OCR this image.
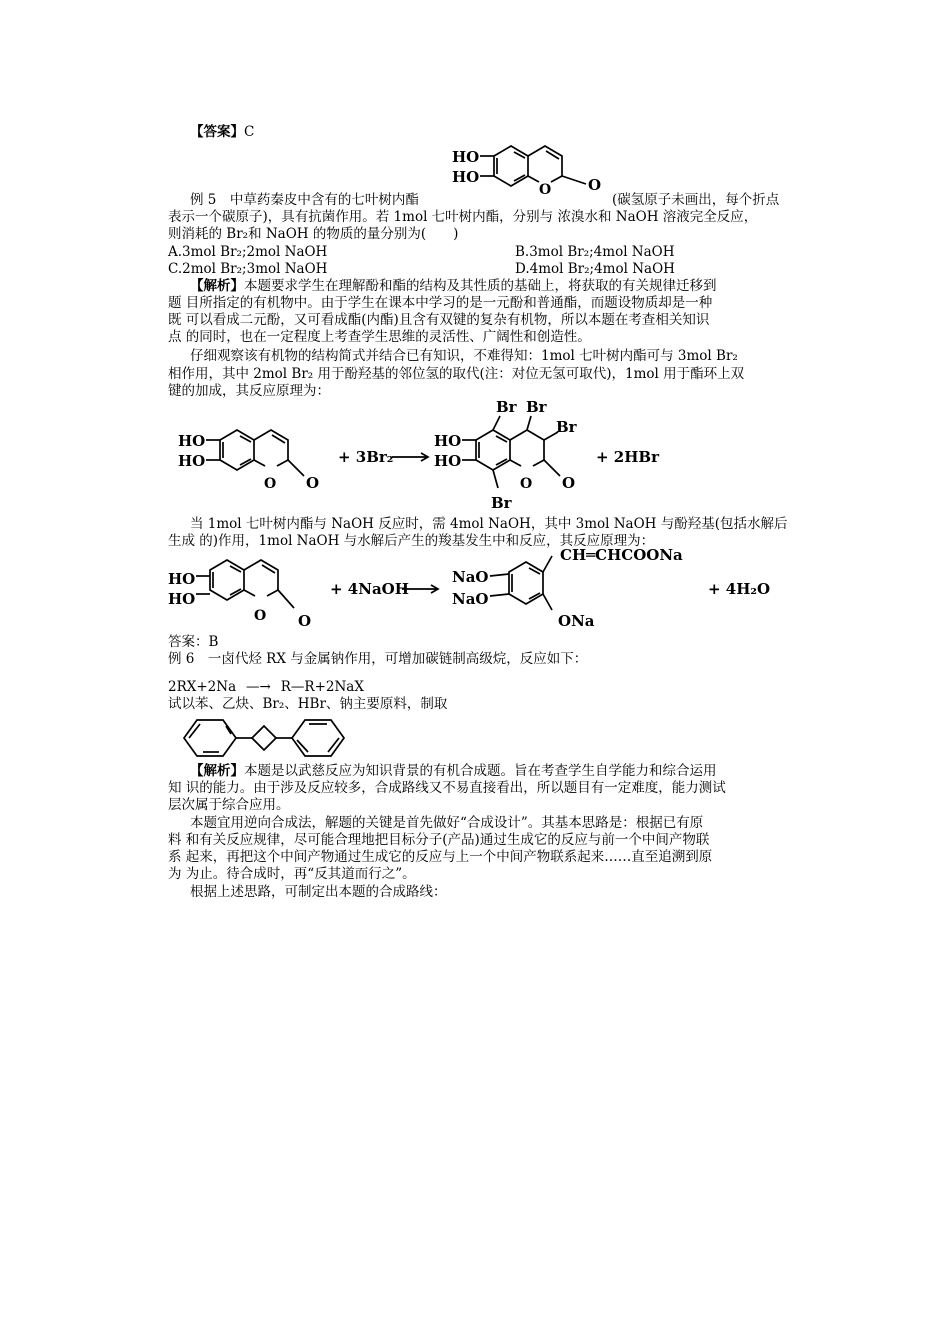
【答案】C
HO
HO
O O
例 5　中草药秦皮中含有的七叶树内酯	(碳氢原子未画出，每个折点
表示一个碳原子)，具有抗菌作用。若 1mol 七叶树内酯，分别与 浓溴水和 NaOH 溶液完全反应，
则消耗的 Br₂和 NaOH 的物质的量分别为(　　)
A.3mol Br₂;2mol NaOH	B.3mol Br₂;4mol NaOH
C.2mol Br₂;3mol NaOH	D.4mol Br₂;4mol NaOH
【解析】本题要求学生在理解酚和酯的结构及其性质的基础上，将获取的有关规律迁移到
题 目所指定的有机物中。由于学生在课本中学习的是一元酚和普通酯，而题设物质却是一种
既 可以看成二元酚，又可看成酯(内酯)且含有双键的复杂有机物，所以本题在考查相关知识
点 的同时，也在一定程度上考查学生思维的灵活性、广阔性和创造性。
仔细观察该有机物的结构简式并结合已有知识，不难得知：1mol 七叶树内酯可与 3mol Br₂
相作用，其中 2mol Br₂ 用于酚羟基的邻位氢的取代(注：对位无氢可取代)，1mol 用于酯环上双
键的加成，其反应原理为：
HO
HO
O O
+ 3Br₂
HO
HO
Br Br
Br
Br
O O
+ 2HBr
当 1mol 七叶树内酯与 NaOH 反应时，需 4mol NaOH，其中 3mol NaOH 与酚羟基(包括水解后
生成 的)作用，1mol NaOH 与水解后产生的羧基发生中和反应，其反应原理为：
HO
HO
O O
+ 4NaOH
NaO
NaO
CH═CHCOONa
ONa
+ 4H₂O
答案：B
例 6　一卤代烃 RX 与金属钠作用，可增加碳链制高级烷，反应如下：
2RX+2Na —→ R—R+2NaX
试以苯、乙炔、Br₂、HBr、钠主要原料，制取
【解析】本题是以武慈反应为知识背景的有机合成题。旨在考查学生自学能力和综合运用
知 识的能力。由于涉及反应较多，合成路线又不易直接看出，所以题目有一定难度，能力测试
层次属于综合应用。
本题宜用逆向合成法，解题的关键是首先做好“合成设计”。其基本思路是：根据已有原
料 和有关反应规律，尽可能合理地把目标分子(产品)通过生成它的反应与前一个中间产物联
系 起来，再把这个中间产物通过生成它的反应与上一个中间产物联系起来……直至追溯到原
为 为止。待合成时，再“反其道而行之”。
根据上述思路，可制定出本题的合成路线：
